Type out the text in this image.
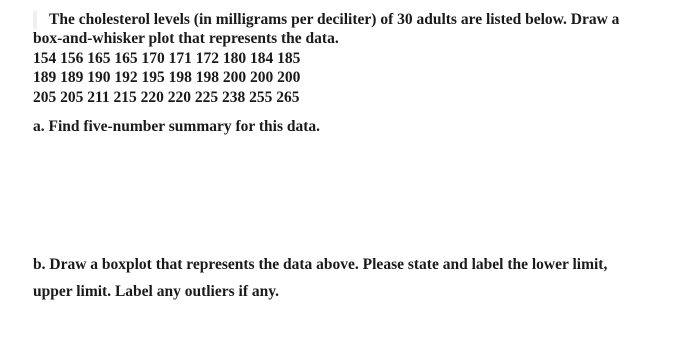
The cholesterol levels (in milligrams per deciliter) of 30 adults are listed below. Draw a
box-and-whisker plot that represents the data.
154 156 165 165 170 171 172 180 184 185
189 189 190 192 195 198 198 200 200 200
205 205 211 215 220 220 225 238 255 265
a. Find five-number summary for this data.
b. Draw a boxplot that represents the data above. Please state and label the lower limit,
upper limit. Label any outliers if any.
